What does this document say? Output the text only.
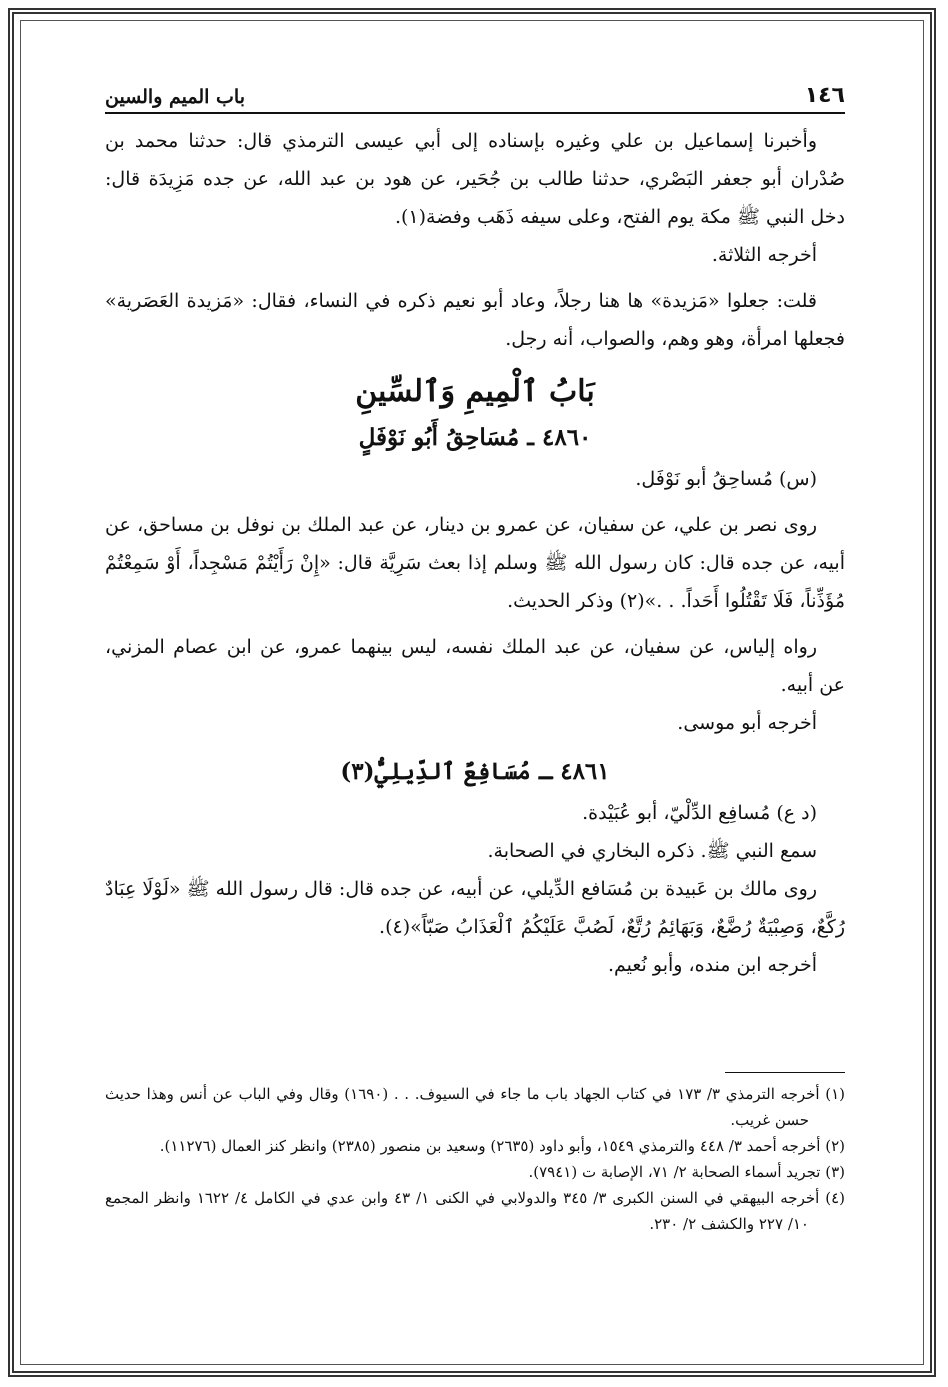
١٤٦
باب الميم والسين

وأخبرنا إسماعيل بن علي وغيره بإسناده إلى أبي عيسى الترمذي قال: حدثنا محمد بن صُدْران أبو جعفر البَصْري، حدثنا طالب بن جُحَير، عن هود بن عبد الله، عن جده مَزِيدَة قال: دخل النبي ﷺ مكة يوم الفتح، وعلى سيفه ذَهَب وفضة(١).

أخرجه الثلاثة.

قلت: جعلوا «مَزيدة» ها هنا رجلاً، وعاد أبو نعيم ذكره في النساء، فقال: «مَزيدة العَصَرية» فجعلها امرأة، وهو وهم، والصواب، أنه رجل.

بَابُ ٱلْمِيمِ وَٱلسِّينِ
٤٨٦٠ ـ مُسَاحِقُ أَبُو نَوْفَلٍ

(س) مُساحِقُ أبو نَوْفَل.

روى نصر بن علي، عن سفيان، عن عمرو بن دينار، عن عبد الملك بن نوفل بن مساحق، عن أبيه، عن جده قال: كان رسول الله ﷺ وسلم إذا بعث سَرِيَّة قال: «إِنْ رَأَيْتُمْ مَسْجِداً، أَوْ سَمِعْتُمْ مُؤَذِّناً، فَلَا تَقْتُلُوا أَحَداً. . .»(٢) وذكر الحديث.

رواه إلياس، عن سفيان، عن عبد الملك نفسه، ليس بينهما عمرو، عن ابن عصام المزني، عن أبيه.

أخرجه أبو موسى.

٤٨٦١ ـ مُسَافِعٌ ٱلدِّيلِيُّ(٣)

(د ع) مُسافِع الدِّلْيّ، أبو عُبَيْدة.

سمع النبي ﷺ. ذكره البخاري في الصحابة.

روى مالك بن عَبيدة بن مُسَافع الدِّيلي، عن أبيه، عن جده قال: قال رسول الله ﷺ «لَوْلَا عِبَادٌ رُكَّعٌ، وَصِبْيَةٌ رُضَّعٌ، وَبَهَائِمُ رُتَّعٌ، لَصُبَّ عَلَيْكُمُ ٱلْعَذَابُ صَبّاً»(٤).

أخرجه ابن منده، وأبو نُعيم.

(١) أخرجه الترمذي ٣/ ١٧٣ في كتاب الجهاد باب ما جاء في السيوف. . . (١٦٩٠) وقال وفي الباب عن أنس وهذا حديث حسن غريب.

(٢) أخرجه أحمد ٣/ ٤٤٨ والترمذي ١٥٤٩، وأبو داود (٢٦٣٥) وسعيد بن منصور (٢٣٨٥) وانظر كنز العمال (١١٢٧٦).

(٣) تجريد أسماء الصحابة ٢/ ٧١، الإصابة ت (٧٩٤١).

(٤) أخرجه البيهقي في السنن الكبرى ٣/ ٣٤٥ والدولابي في الكنى ١/ ٤٣ وابن عدي في الكامل ٤/ ١٦٢٢ وانظر المجمع ١٠/ ٢٢٧ والكشف ٢/ ٢٣٠.
